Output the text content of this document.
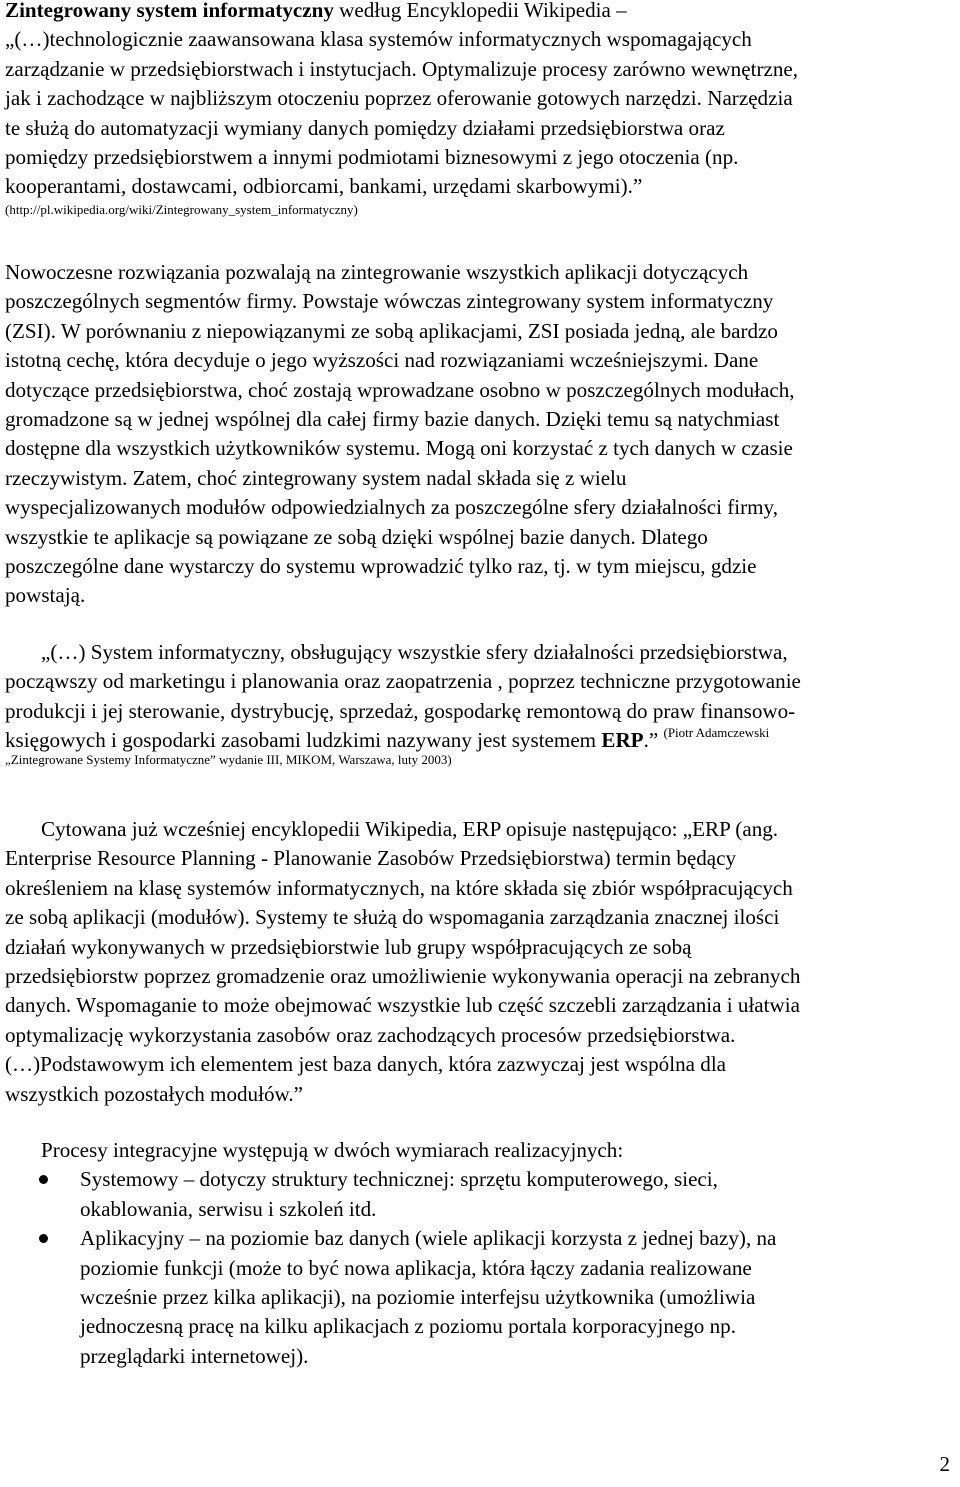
Zintegrowany system informatyczny według Encyklopedii Wikipedia –
„(…)technologicznie zaawansowana klasa systemów informatycznych wspomagających
zarządzanie w przedsiębiorstwach i instytucjach. Optymalizuje procesy zarówno wewnętrzne,
jak i zachodzące w najbliższym otoczeniu poprzez oferowanie gotowych narzędzi. Narzędzia
te służą do automatyzacji wymiany danych pomiędzy działami przedsiębiorstwa oraz
pomiędzy przedsiębiorstwem a innymi podmiotami biznesowymi z jego otoczenia (np.
kooperantami, dostawcami, odbiorcami, bankami, urzędami skarbowymi).”
(http://pl.wikipedia.org/wiki/Zintegrowany_system_informatyczny)
Nowoczesne rozwiązania pozwalają na zintegrowanie wszystkich aplikacji dotyczących
poszczególnych segmentów firmy. Powstaje wówczas zintegrowany system informatyczny
(ZSI). W porównaniu z niepowiązanymi ze sobą aplikacjami, ZSI posiada jedną, ale bardzo
istotną cechę, która decyduje o jego wyższości nad rozwiązaniami wcześniejszymi. Dane
dotyczące przedsiębiorstwa, choć zostają wprowadzane osobno w poszczególnych modułach,
gromadzone są w jednej wspólnej dla całej firmy bazie danych. Dzięki temu są natychmiast
dostępne dla wszystkich użytkowników systemu. Mogą oni korzystać z tych danych w czasie
rzeczywistym. Zatem, choć zintegrowany system nadal składa się z wielu
wyspecjalizowanych modułów odpowiedzialnych za poszczególne sfery działalności firmy,
wszystkie te aplikacje są powiązane ze sobą dzięki wspólnej bazie danych. Dlatego
poszczególne dane wystarczy do systemu wprowadzić tylko raz, tj. w tym miejscu, gdzie
powstają.
„(…) System informatyczny, obsługujący wszystkie sfery działalności przedsiębiorstwa,
począwszy od marketingu i planowania oraz zaopatrzenia , poprzez techniczne przygotowanie
produkcji i jej sterowanie, dystrybucję, sprzedaż, gospodarkę remontową do praw finansowo-
księgowych i gospodarki zasobami ludzkimi nazywany jest systemem ERP.” $^{(Piotr Adamczewski}$
„Zintegrowane Systemy Informatyczne” wydanie III, MIKOM, Warszawa, luty 2003)
Cytowana już wcześniej encyklopedii Wikipedia, ERP opisuje następująco: „ERP (ang.
Enterprise Resource Planning - Planowanie Zasobów Przedsiębiorstwa) termin będący
określeniem na klasę systemów informatycznych, na które składa się zbiór współpracujących
ze sobą aplikacji (modułów). Systemy te służą do wspomagania zarządzania znacznej ilości
działań wykonywanych w przedsiębiorstwie lub grupy współpracujących ze sobą
przedsiębiorstw poprzez gromadzenie oraz umożliwienie wykonywania operacji na zebranych
danych. Wspomaganie to może obejmować wszystkie lub część szczebli zarządzania i ułatwia
optymalizację wykorzystania zasobów oraz zachodzących procesów przedsiębiorstwa.
(…)Podstawowym ich elementem jest baza danych, która zazwyczaj jest wspólna dla
wszystkich pozostałych modułów.”
Procesy integracyjne występują w dwóch wymiarach realizacyjnych:
Systemowy – dotyczy struktury technicznej: sprzętu komputerowego, sieci,
okablowania, serwisu i szkoleń itd.
Aplikacyjny – na poziomie baz danych (wiele aplikacji korzysta z jednej bazy), na
poziomie funkcji (może to być nowa aplikacja, która łączy zadania realizowane
wcześnie przez kilka aplikacji), na poziomie interfejsu użytkownika (umożliwia
jednoczesną pracę na kilku aplikacjach z poziomu portala korporacyjnego np.
przeglądarki internetowej).
2
